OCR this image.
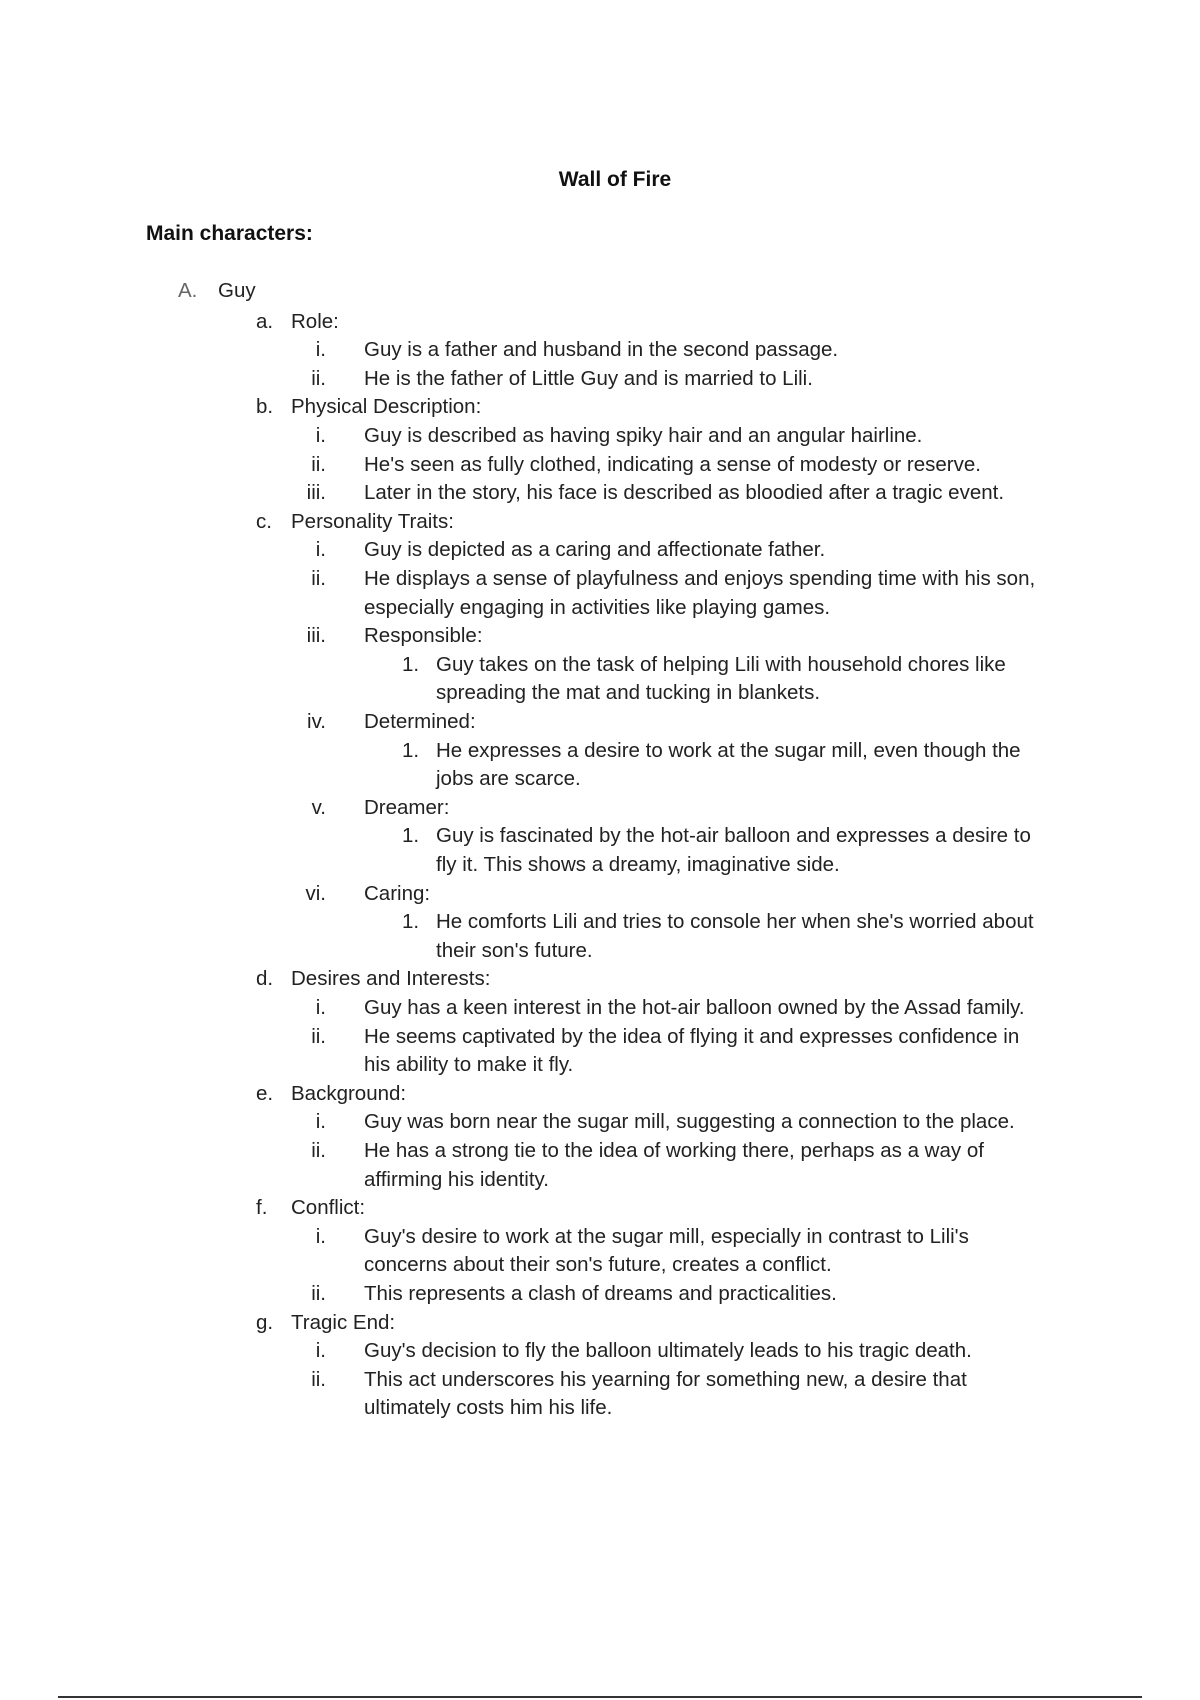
Wall of Fire
Main characters:
A. Guy
a. Role:
i. Guy is a father and husband in the second passage.
ii. He is the father of Little Guy and is married to Lili.
b. Physical Description:
i. Guy is described as having spiky hair and an angular hairline.
ii. He's seen as fully clothed, indicating a sense of modesty or reserve.
iii. Later in the story, his face is described as bloodied after a tragic event.
c. Personality Traits:
i. Guy is depicted as a caring and affectionate father.
ii. He displays a sense of playfulness and enjoys spending time with his son,
especially engaging in activities like playing games.
iii. Responsible:
1. Guy takes on the task of helping Lili with household chores like
spreading the mat and tucking in blankets.
iv. Determined:
1. He expresses a desire to work at the sugar mill, even though the
jobs are scarce.
v. Dreamer:
1. Guy is fascinated by the hot-air balloon and expresses a desire to
fly it. This shows a dreamy, imaginative side.
vi. Caring:
1. He comforts Lili and tries to console her when she's worried about
their son's future.
d. Desires and Interests:
i. Guy has a keen interest in the hot-air balloon owned by the Assad family.
ii. He seems captivated by the idea of flying it and expresses confidence in
his ability to make it fly.
e. Background:
i. Guy was born near the sugar mill, suggesting a connection to the place.
ii. He has a strong tie to the idea of working there, perhaps as a way of
affirming his identity.
f. Conflict:
i. Guy's desire to work at the sugar mill, especially in contrast to Lili's
concerns about their son's future, creates a conflict.
ii. This represents a clash of dreams and practicalities.
g. Tragic End:
i. Guy's decision to fly the balloon ultimately leads to his tragic death.
ii. This act underscores his yearning for something new, a desire that
ultimately costs him his life.
